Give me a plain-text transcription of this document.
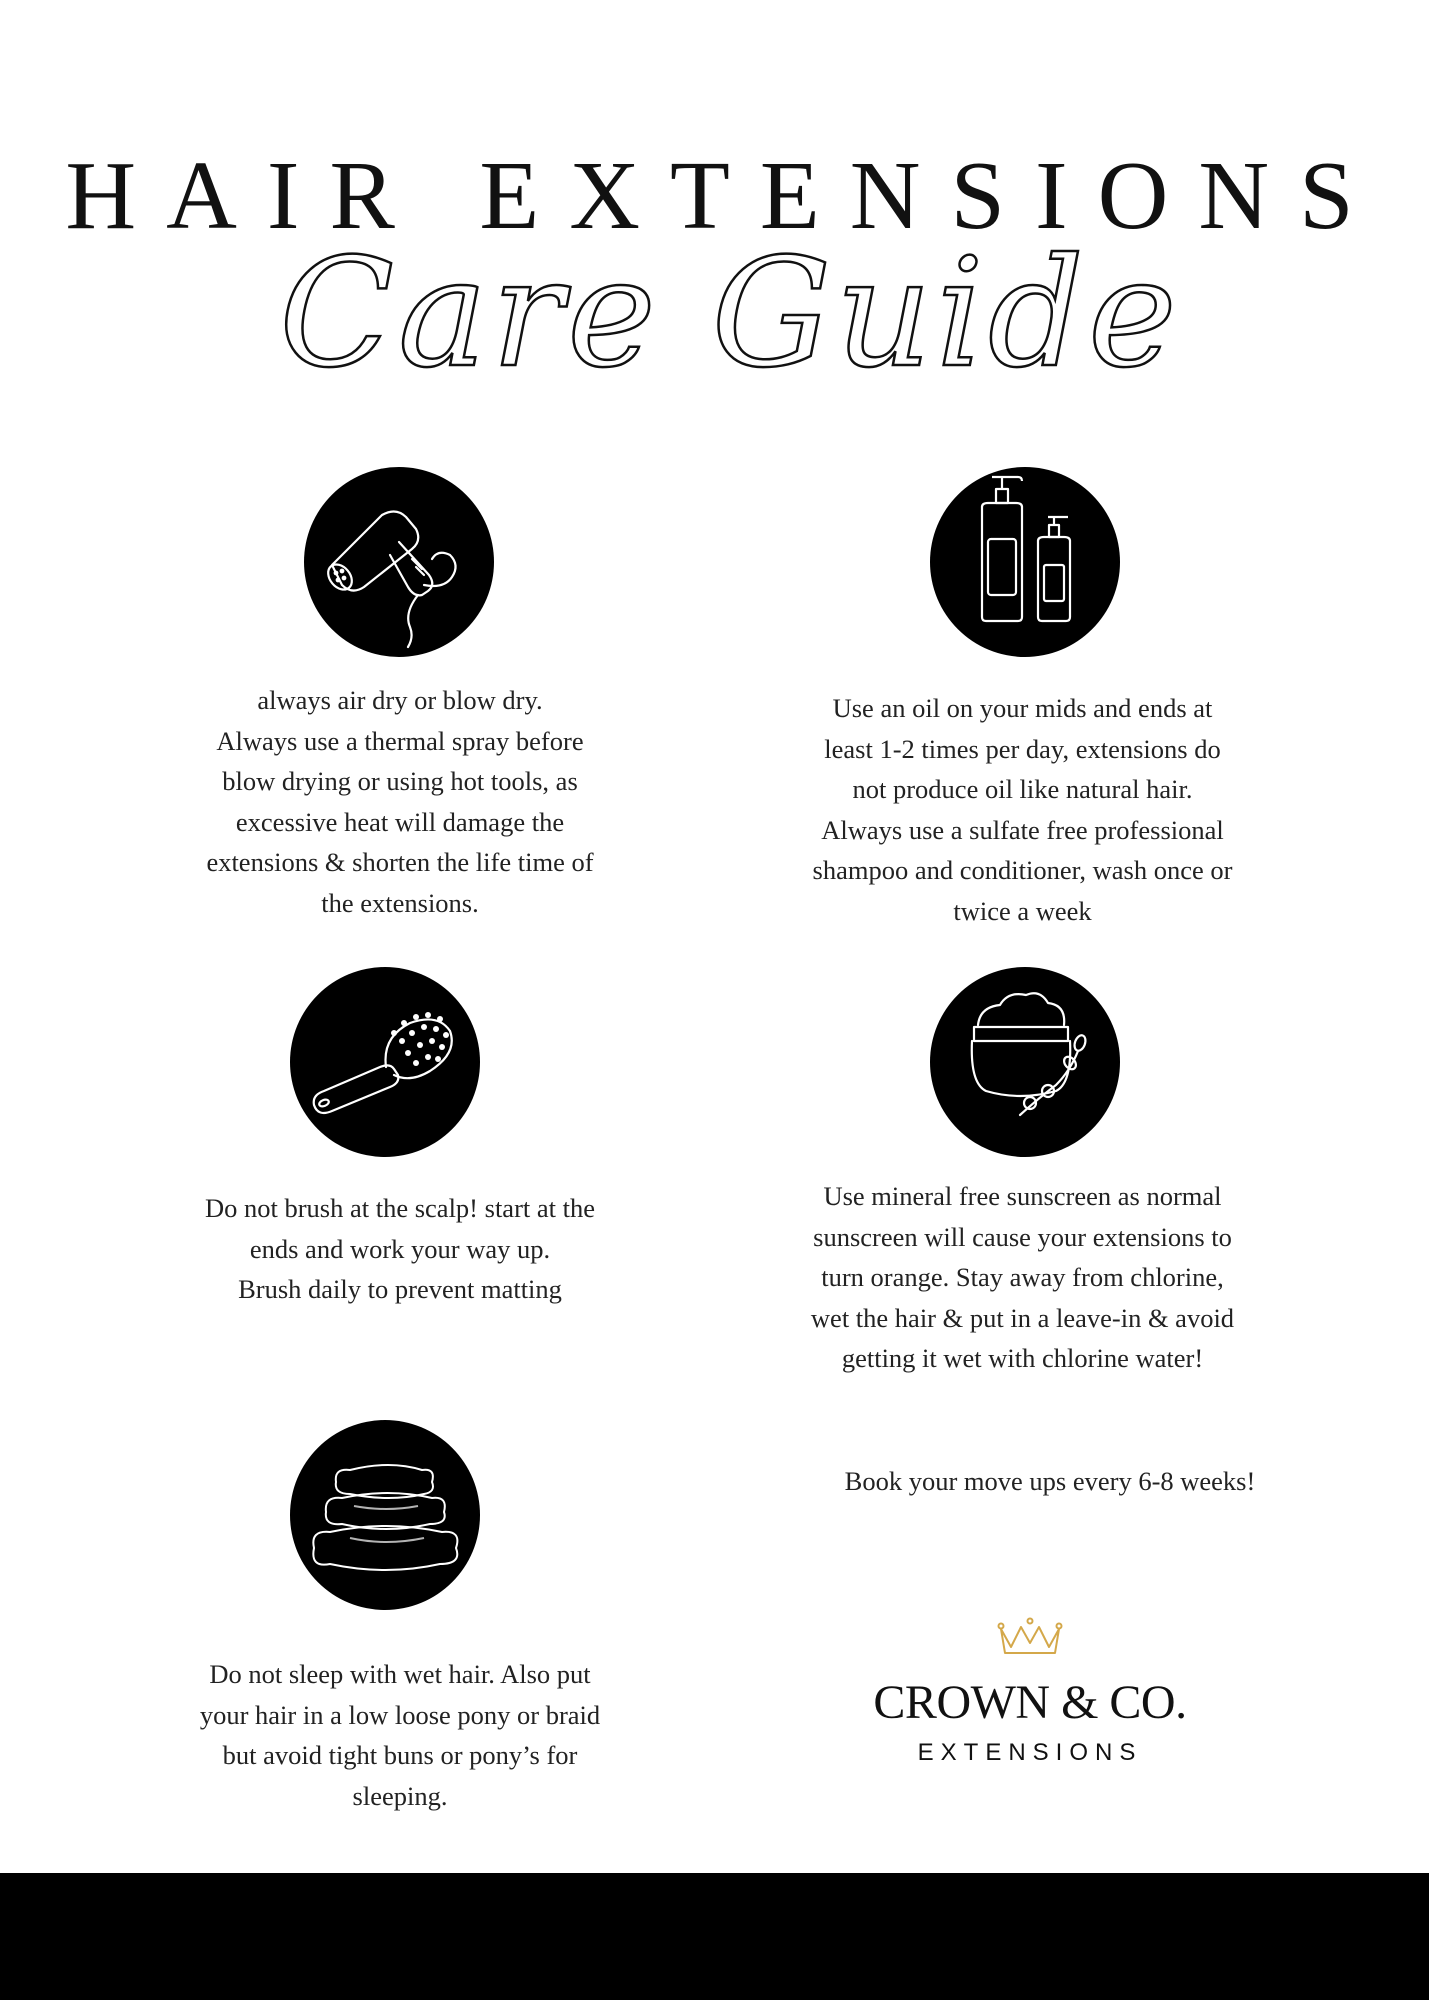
HAIR EXTENSIONS
Care Guide
always air dry or blow dry.
Always use a thermal spray before
blow drying or using hot tools, as
excessive heat will damage the
extensions & shorten the life time of
the extensions.
Use an oil on your mids and ends at
least 1-2 times per day, extensions do
not produce oil like natural hair.
Always use a sulfate free professional
shampoo and conditioner, wash once or
twice a week
Do not brush at the scalp! start at the
ends and work your way up.
Brush daily to prevent matting
Use mineral free sunscreen as normal
sunscreen will cause your extensions to
turn orange. Stay away from chlorine,
wet the hair & put in a leave-in & avoid
getting it wet with chlorine water!
Do not sleep with wet hair. Also put
your hair in a low loose pony or braid
but avoid tight buns or pony’s for
sleeping.
Book your move ups every 6-8 weeks!
CROWN & CO.
EXTENSIONS
